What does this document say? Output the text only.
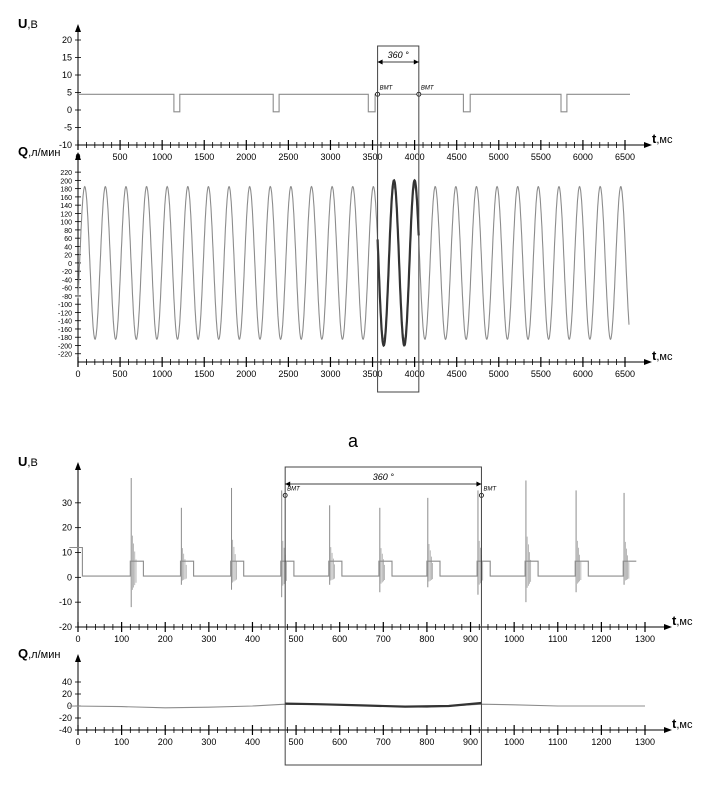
500	1000 1500 2000 2500 3000 3500 4000 4500 5000 5500 6000 6500
-10
-5
0
5
10
15
20
U,В
t,мс
ВМТ	ВМТ
0	500	1000 1500 2000 2500 3000 3500 4000 4500 5000 5500 6000 6500
220
200
180
160
140
120
100
80
60
40
20
0
-20
-40
-60
-80
-100
-120
-140
-160
-180
-200
-220
Q,л/мин
t,мс
0	100	200	300	400	500	600	700	800	900	1000	1100	1200	1300
-20
-10
0
10
20
30
U,В
t,мс
ВМТ	ВМТ
0	100	200	300	400	500	600	700	800	900	1000	1100	1200	1300
40
20
0
-20
-40
Q,л/мин
t,мс
360 °
360 °
а
